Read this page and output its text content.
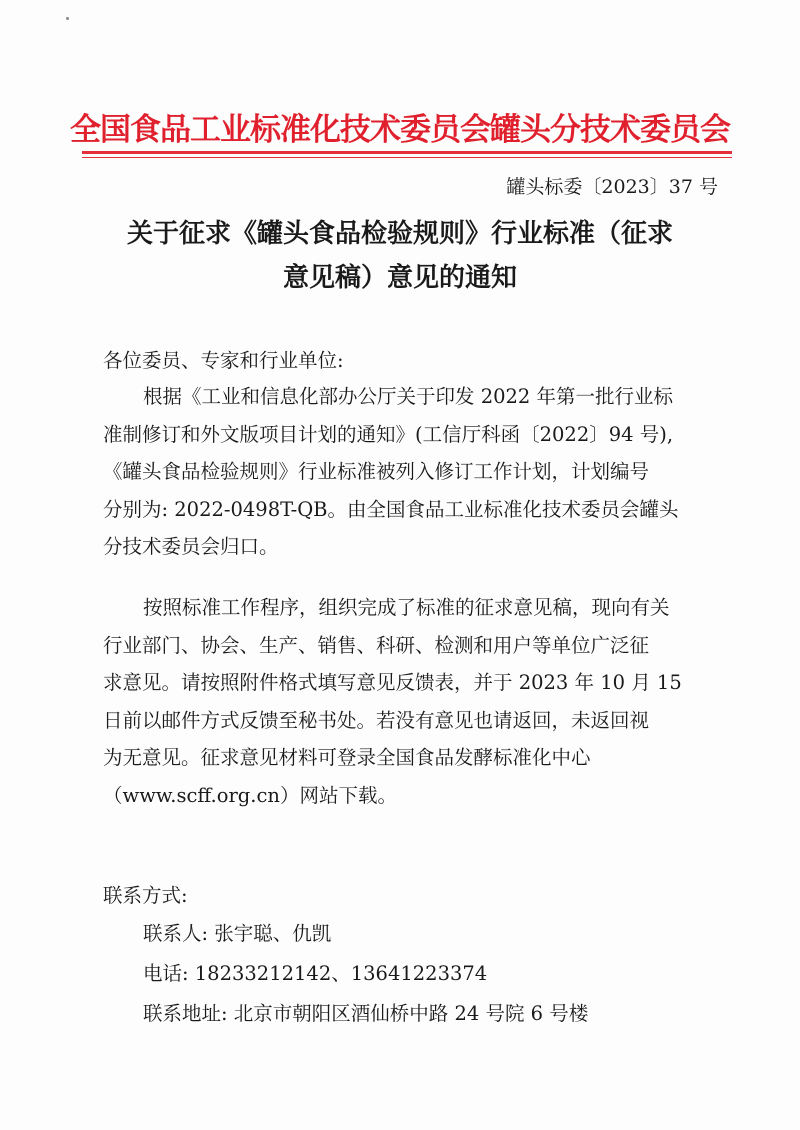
全国食品工业标准化技术委员会罐头分技术委员会
罐头标委〔2023〕37 号
关于征求《罐头食品检验规则》行业标准（征求
意见稿）意见的通知
各位委员、专家和行业单位:
根据《工业和信息化部办公厅关于印发 2022 年第一批行业标
准制修订和外文版项目计划的通知》(工信厅科函〔2022〕94 号),
《罐头食品检验规则》行业标准被列入修订工作计划，计划编号
分别为: 2022-0498T-QB。由全国食品工业标准化技术委员会罐头
分技术委员会归口。
按照标准工作程序，组织完成了标准的征求意见稿，现向有关
行业部门、协会、生产、销售、科研、检测和用户等单位广泛征
求意见。请按照附件格式填写意见反馈表，并于 2023 年 10 月 15
日前以邮件方式反馈至秘书处。若没有意见也请返回，未返回视
为无意见。征求意见材料可登录全国食品发酵标准化中心
（www.scff.org.cn）网站下载。
联系方式:
联系人: 张宇聪、仇凯
电话: 18233212142、13641223374
联系地址: 北京市朝阳区酒仙桥中路 24 号院 6 号楼
